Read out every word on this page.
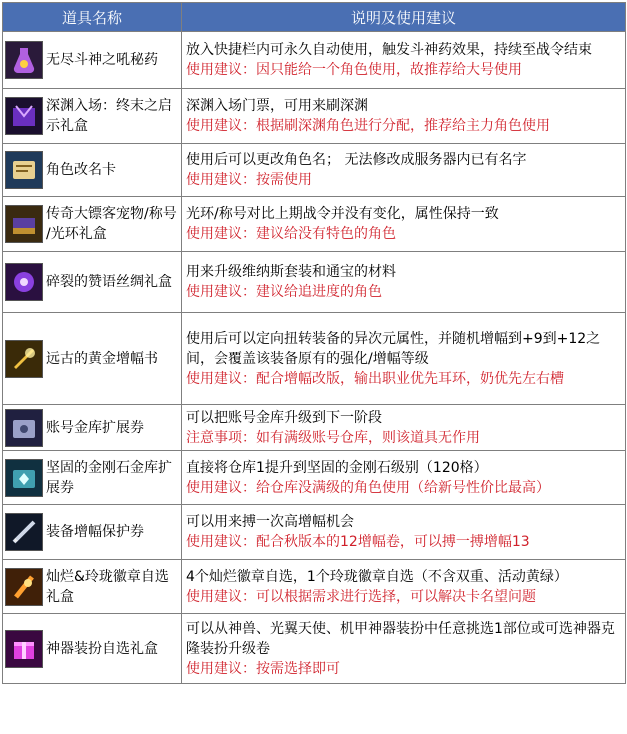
道具名称	说明及使用建议

无尽斗神之吼秘药	放入快捷栏内可永久自动使用，触发斗神药效果，持续至战令结束
使用建议：因只能给一个角色使用，故推荐给大号使用

深渊入场：终末之启示礼盒	深渊入场门票，可用来刷深渊
使用建议：根据刷深渊角色进行分配，推荐给主力角色使用

角色改名卡	使用后可以更改角色名； 无法修改成服务器内已有名字
使用建议：按需使用

传奇大镖客宠物/称号 /光环礼盒	光环/称号对比上期战令并没有变化，属性保持一致
使用建议：建议给没有特色的角色

碎裂的赞语丝绸礼盒	用来升级维纳斯套装和通宝的材料
使用建议：建议给追进度的角色

远古的黄金增幅书	使用后可以定向扭转装备的异次元属性，并随机增幅到+9到+12之间，会覆盖该装备原有的强化/增幅等级
使用建议：配合增幅改版，输出职业优先耳环，奶优先左右槽

账号金库扩展券	可以把账号金库升级到下一阶段
注意事项：如有满级账号仓库，则该道具无作用

坚固的金刚石金库扩展券	直接将仓库1提升到坚固的金刚石级别（120格）
使用建议：给仓库没满级的角色使用（给新号性价比最高）

装备增幅保护券	可以用来搏一次高增幅机会
使用建议：配合秋版本的12增幅卷，可以搏一搏增幅13

灿烂&玲珑徽章自选礼盒	4个灿烂徽章自选，1个玲珑徽章自选（不含双重、活动黄绿）
使用建议：可以根据需求进行选择，可以解决卡名望问题

神器装扮自选礼盒	可以从神兽、光翼天使、机甲神器装扮中任意挑选1部位或可选神器克隆装扮升级卷
使用建议：按需选择即可
